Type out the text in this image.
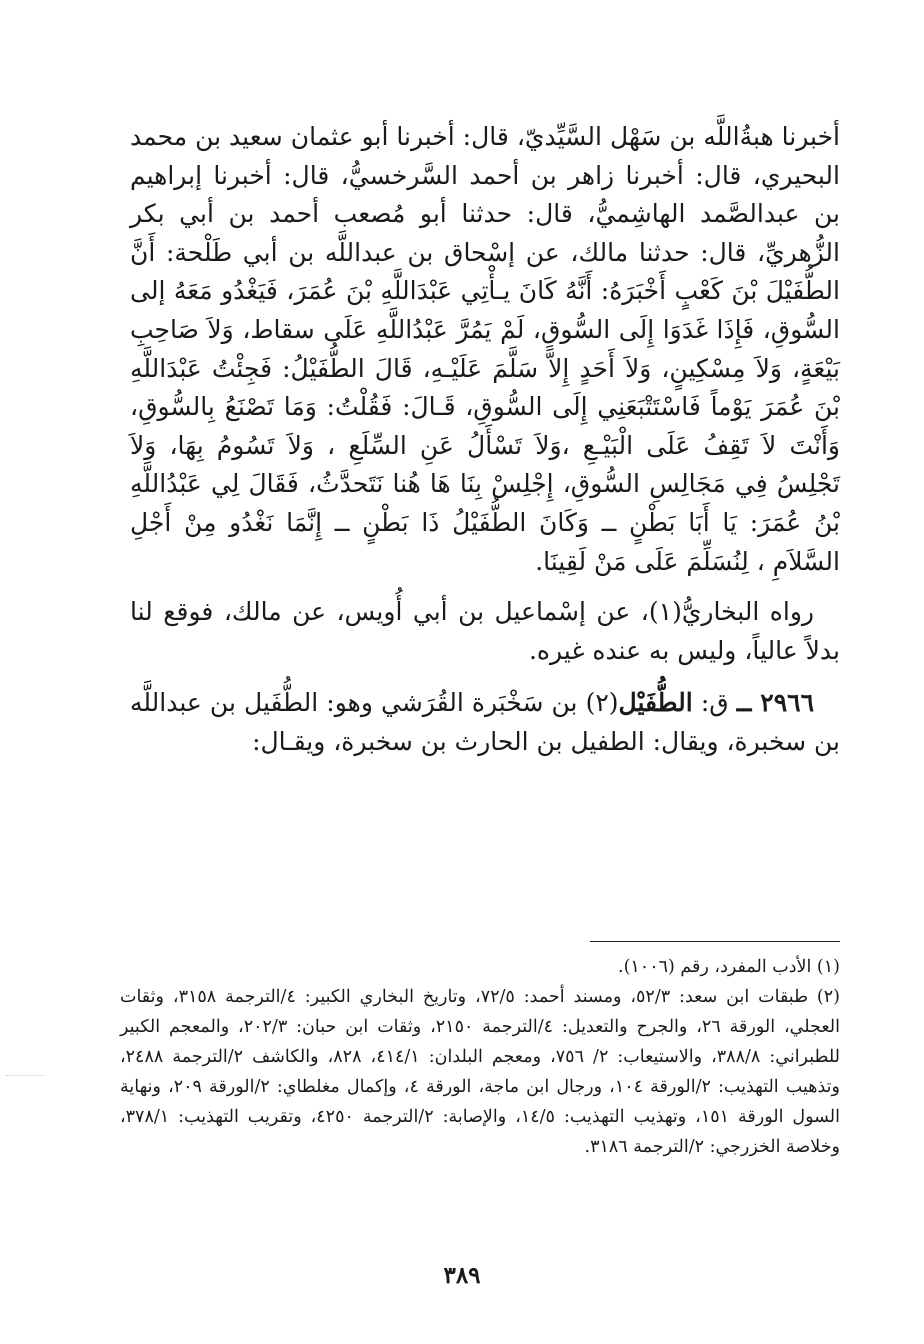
أخبرنا هبةُاللَّه بن سَهْل السَّيِّديّ، قال: أخبرنا أبو عثمان سعيد بن محمد البحيري، قال: أخبرنا زاهر بن أحمد السَّرخسيُّ، قال: أخبرنا إبراهيم بن عبدالصَّمد الهاشِميُّ، قال: حدثنا أبو مُصعب أحمد بن أبي بكر الزُّهريِّ، قال: حدثنا مالك، عن إسْحاق بن عبداللَّه بن أبي طَلْحة: أَنَّ الطُّفَيْلَ بْنَ كَعْبٍ أَخْبَرَهُ: أَنَّهُ كَانَ يـأْتِي عَبْدَاللَّهِ بْنَ عُمَرَ، فَيَغْدُو مَعَهُ إلى السُّوقِ، فَإِذَا غَدَوَا إِلَى السُّوقِ، لَمْ يَمُرَّ عَبْدُاللَّهِ عَلَى سقاط، وَلاَ صَاحِبِ بَيْعَةٍ، وَلاَ مِسْكِينٍ، وَلاَ أَحَدٍ إِلاَّ سَلَّمَ عَلَيْـهِ، قَالَ الطُّفَيْلُ: فَجِئْتُ عَبْدَاللَّهِ بْنَ عُمَرَ يَوْماً فَاسْتَتْبَعَنِي إِلَى السُّوقِ، قَـالَ: فَقُلْتُ: وَمَا تَصْنَعُ بِالسُّوقِ، وَأَنْتَ لاَ تَقِفُ عَلَى الْبَيْـعِ ،وَلاَ تَسْأَلُ عَنِ السِّلَعِ ، وَلاَ تَسُومُ بِهَا، وَلاَ تَجْلِسُ فِي مَجَالِسِ السُّوقِ، إِجْلِسْ بِنَا هَا هُنا نَتَحدَّثُ، فَقَالَ لِي عَبْدُاللَّهِ بْنُ عُمَرَ: يَا أَبَا بَطْنٍ ــ وَكَانَ الطُّفَيْلُ ذَا بَطْنٍ ــ إِنَّمَا نَغْدُو مِنْ أَجْلِ السَّلاَمِ ، لِنُسَلِّمَ عَلَى مَنْ لَقِينَا.

رواه البخاريُّ(١)، عن إسْماعيل بن أبي أُويس، عن مالك، فوقع لنا بدلاً عالياً، وليس به عنده غيره.

٢٩٦٦ ــ ق: الطُّفَيْل(٢) بن سَخْبَرة القُرَشي وهو: الطُّفَيل بن عبداللَّه بن سخبرة، ويقال: الطفيل بن الحارث بن سخبرة، ويقـال:

(١) الأدب المفرد، رقم (١٠٠٦).

(٢) طبقات ابن سعد: ٥٢/٣، ومسند أحمد: ٧٢/٥، وتاريخ البخاري الكبير: ٤/الترجمة ٣١٥٨، وثقات العجلي، الورقة ٢٦، والجرح والتعديل: ٤/الترجمة ٢١٥٠، وثقات ابن حبان: ٢٠٢/٣، والمعجم الكبير للطبراني: ٣٨٨/٨، والاستيعاب: ٢/ ٧٥٦، ومعجم البلدان: ٤١٤/١، ٨٢٨، والكاشف ٢/الترجمة ٢٤٨٨، وتذهيب التهذيب: ٢/الورقة ١٠٤، ورجال ابن ماجة، الورقة ٤، وإكمال مغلطاي: ٢/الورقة ٢٠٩، ونهاية السول الورقة ١٥١، وتهذيب التهذيب: ١٤/٥، والإصابة: ٢/الترجمة ٤٢٥٠، وتقريب التهذيب: ٣٧٨/١، وخلاصة الخزرجي: ٢/الترجمة ٣١٨٦.

٣٨٩
